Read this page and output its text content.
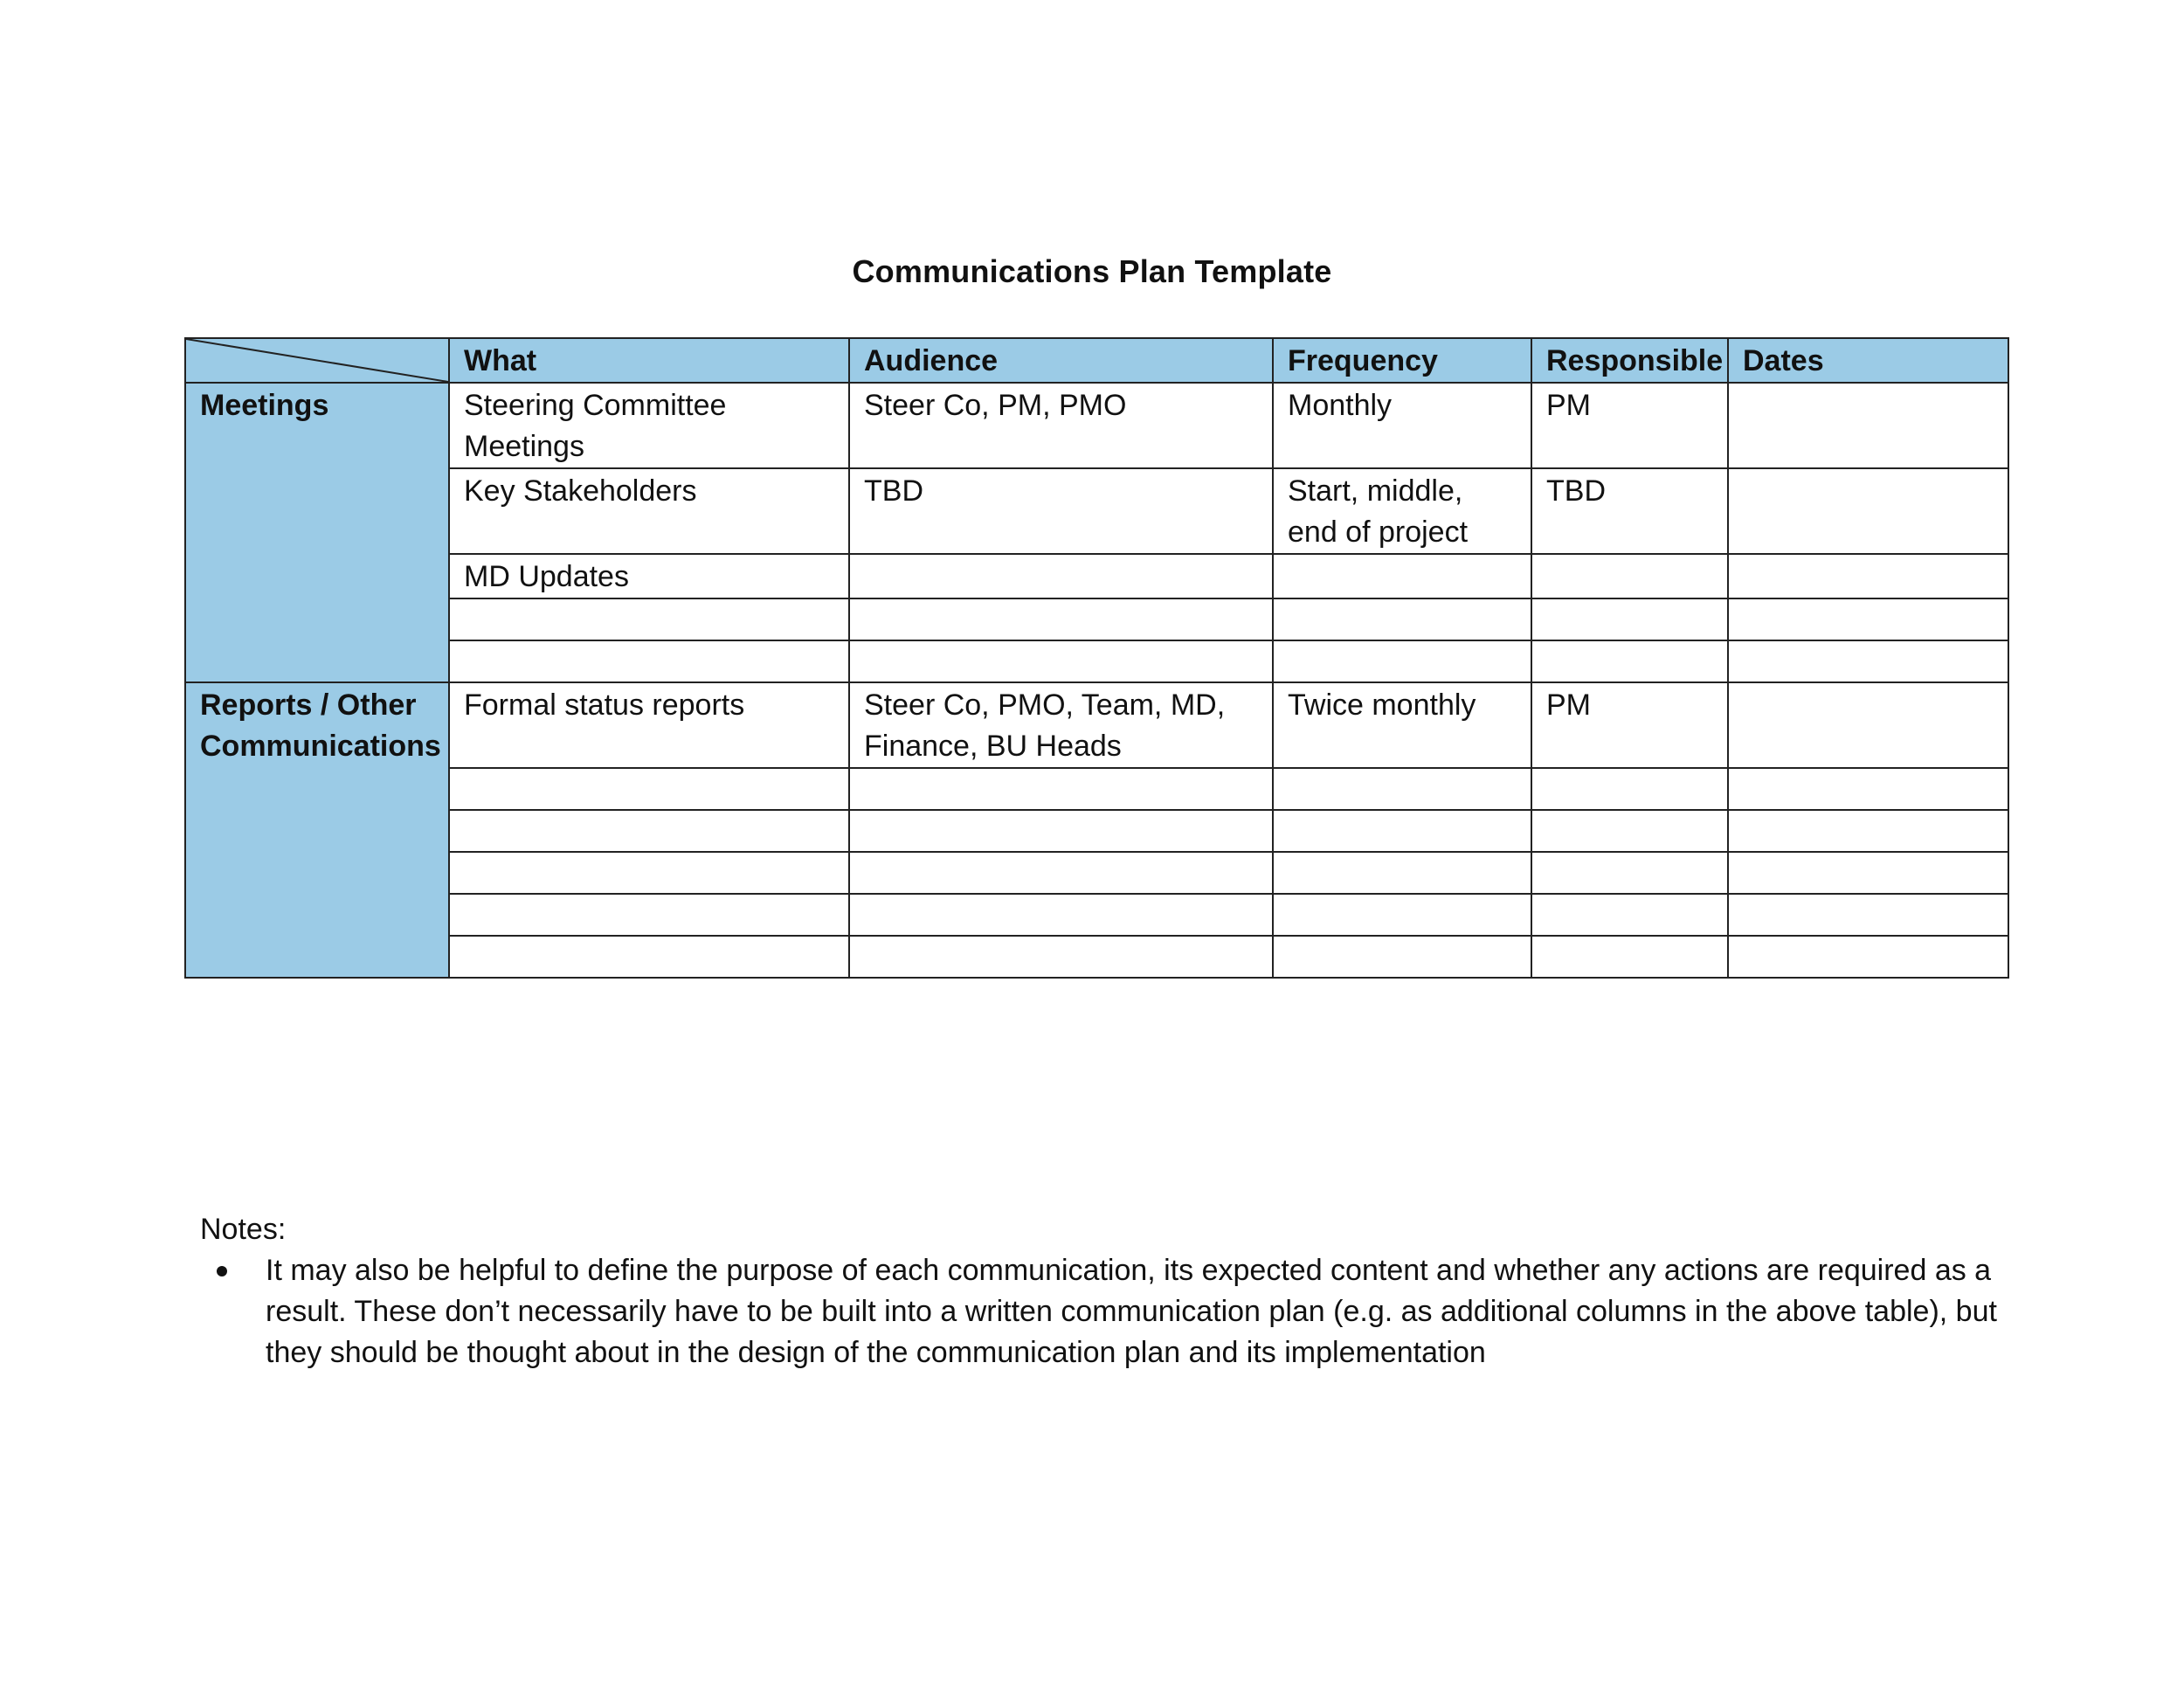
Communications Plan Template
	What	Audience	Frequency	Responsible	Dates
Meetings	Steering Committee Meetings	Steer Co, PM, PMO	Monthly	PM	
	Key Stakeholders	TBD	Start, middle, end of project	TBD	
	MD Updates				

Reports / Other Communications	Formal status reports	Steer Co, PMO, Team, MD, Finance, BU Heads	Twice monthly	PM	

Notes:

It may also be helpful to define the purpose of each communication, its expected content and whether any actions are required as a result. These don’t necessarily have to be built into a written communication plan (e.g. as additional columns in the above table), but they should be thought about in the design of the communication plan and its implementation
